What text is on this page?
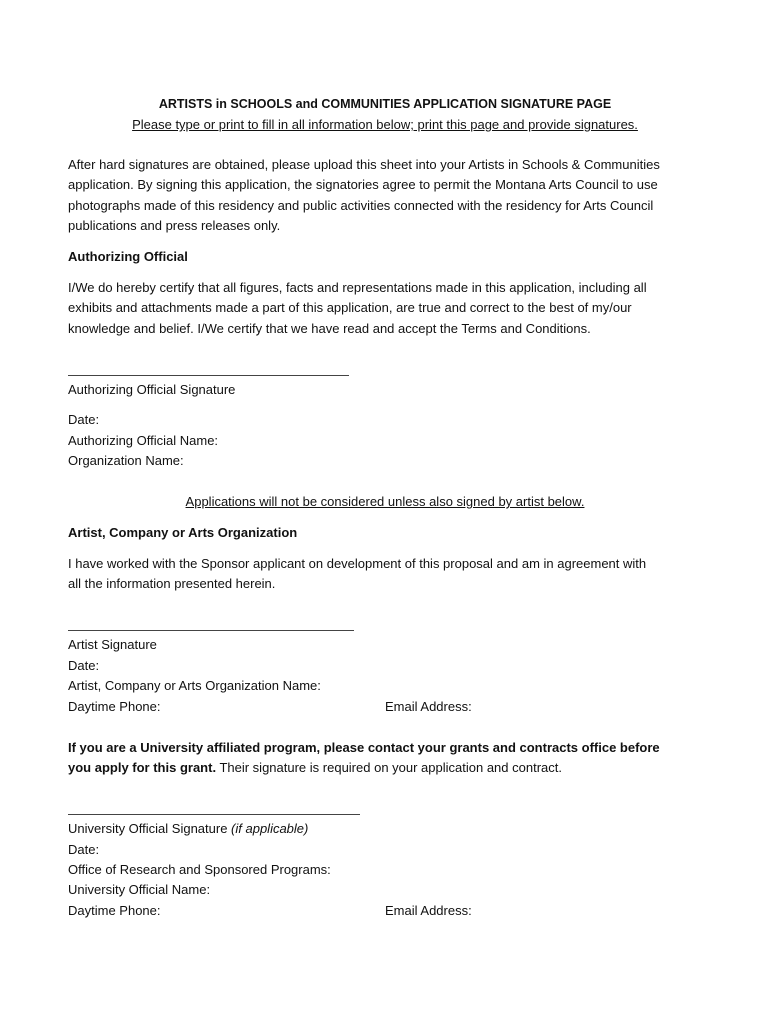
ARTISTS in SCHOOLS and COMMUNITIES APPLICATION SIGNATURE PAGE
Please type or print to fill in all information below; print this page and provide signatures.
After hard signatures are obtained, please upload this sheet into your Artists in Schools & Communities
application. By signing this application, the signatories agree to permit the Montana Arts Council to use
photographs made of this residency and public activities connected with the residency for Arts Council
publications and press releases only.
Authorizing Official
I/We do hereby certify that all figures, facts and representations made in this application, including all
exhibits and attachments made a part of this application, are true and correct to the best of my/our
knowledge and belief. I/We certify that we have read and accept the Terms and Conditions.
Authorizing Official Signature
Date:
Authorizing Official Name:
Organization Name:
Applications will not be considered unless also signed by artist below.
Artist, Company or Arts Organization
I have worked with the Sponsor applicant on development of this proposal and am in agreement with
all the information presented herein.
Artist Signature
Date:
Artist, Company or Arts Organization Name:
Daytime Phone:	Email Address:
If you are a University affiliated program, please contact your grants and contracts office before
you apply for this grant. Their signature is required on your application and contract.
University Official Signature (if applicable)
Date:
Office of Research and Sponsored Programs:
University Official Name:
Daytime Phone:	Email Address:
